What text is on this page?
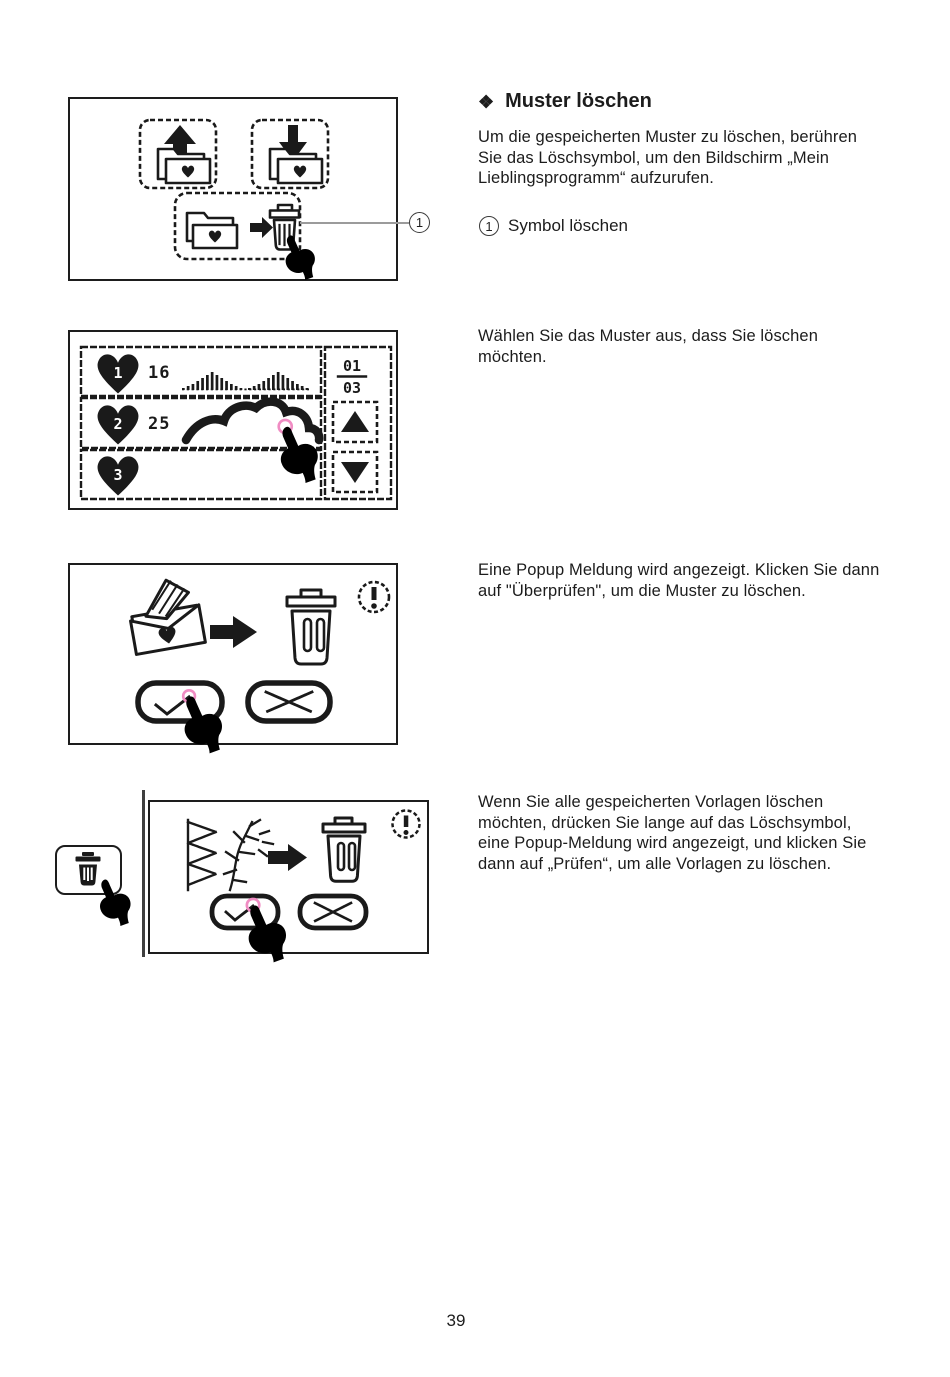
❖ Muster löschen
Um die gespeicherten Muster zu löschen, berühren Sie das Löschsymbol, um den Bildschirm „Mein Lieblingsprogramm“ aufzurufen.
1 Symbol löschen
Wählen Sie das Muster aus, dass Sie löschen möchten.
Eine Popup Meldung wird angezeigt. Klicken Sie dann auf "Überprüfen", um die Muster zu löschen.
Wenn Sie alle gespeicherten Vorlagen löschen möchten, drücken Sie lange auf das Löschsymbol, eine Popup-Meldung wird angezeigt, und klicken Sie dann auf „Prüfen“, um alle Vorlagen zu löschen.
39
1
1 16
2 25
3
01
03
